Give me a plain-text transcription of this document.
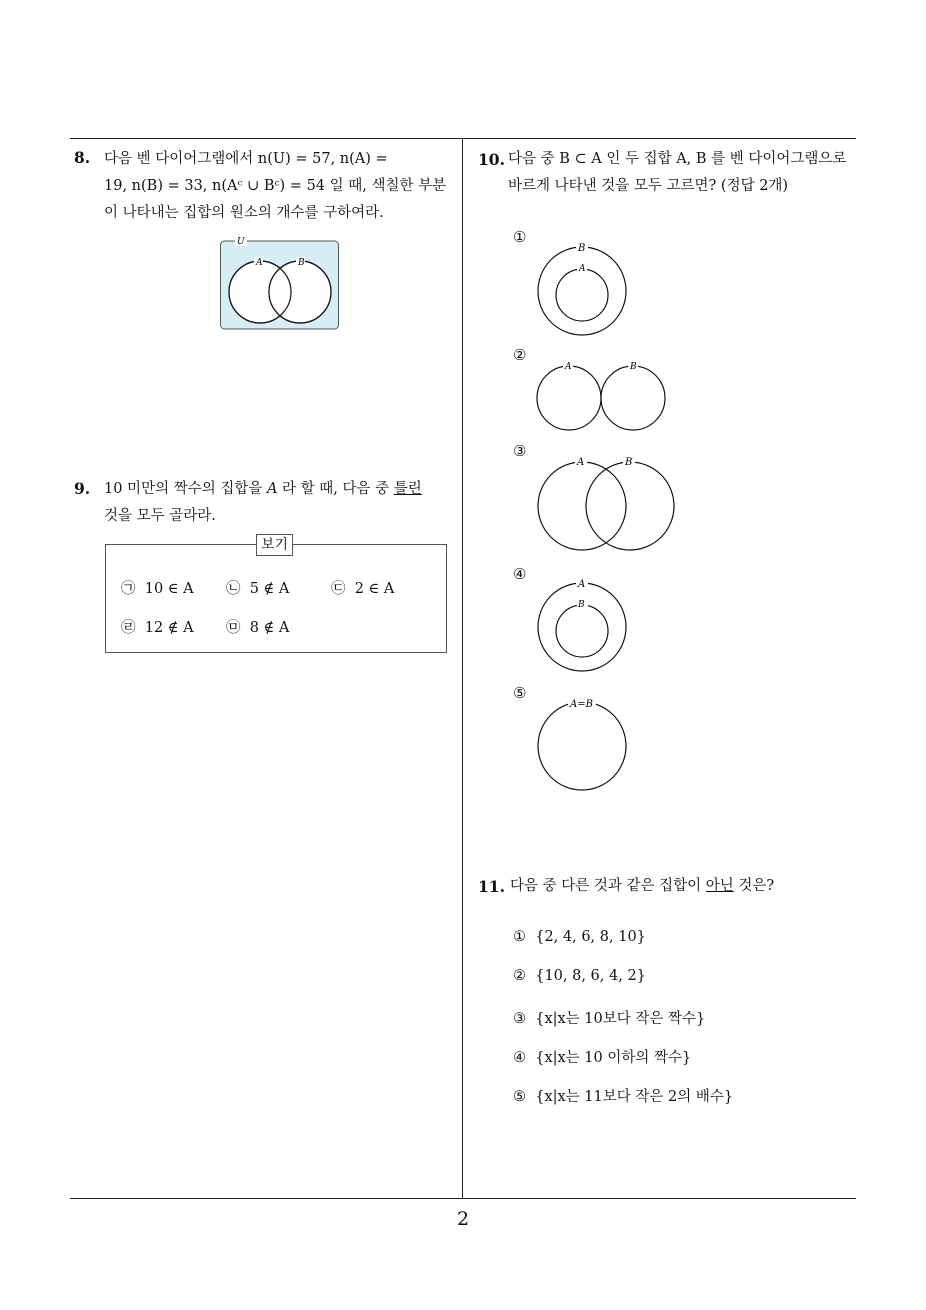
8. 다음 벤 다이어그램에서 n(U) = 57, n(A) =
19, n(B) = 33, n(Aᶜ ∪ Bᶜ) = 54 일 때, 색칠한 부분
이 나타내는 집합의 원소의 개수를 구하여라.
U
A	B
9. 10 미만의 짝수의 집합을 A 라 할 때, 다음 중 틀린
것을 모두 골라라.
보기
㉠ 10 ∈ A ㉡ 5 ∉ A	㉢ 2 ∈ A
㉣ 12 ∉ A ㉤ 8 ∉ A
10. 다음 중 B ⊂ A 인 두 집합 A, B 를 벤 다이어그램으로
바르게 나타낸 것을 모두 고르면? (정답 2개)
①
B
A
②
A	B
③
A	B
④
A
B
⑤
A=B
11. 다음 중 다른 것과 같은 집합이 아닌 것은?
① {2, 4, 6, 8, 10}
② {10, 8, 6, 4, 2}
③ {x|x는 10보다 작은 짝수}
④ {x|x는 10 이하의 짝수}
⑤ {x|x는 11보다 작은 2의 배수}
2
